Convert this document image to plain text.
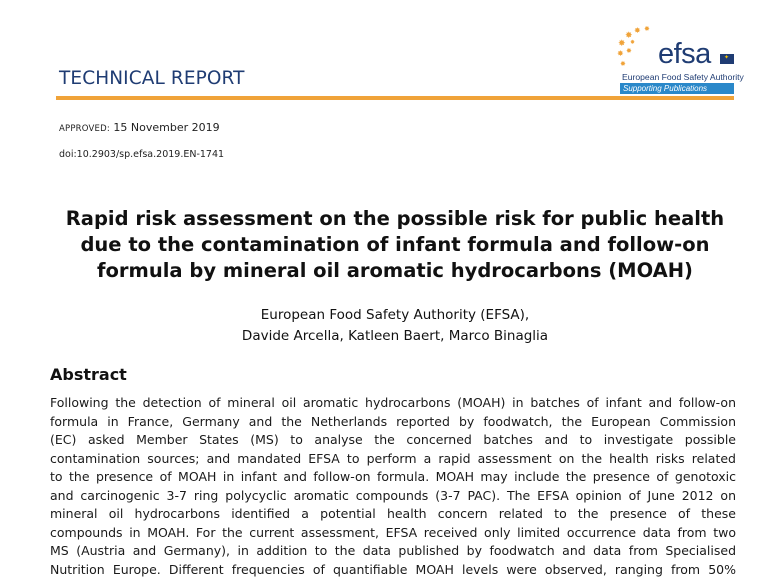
✸
✸
✸ ✸
✸ ✸
✸
✸ efsa ✦
European Food Safety Authority
Supporting Publications
TECHNICAL REPORT
APPROVED: 15 November 2019
doi:10.2903/sp.efsa.2019.EN-1741
Rapid risk assessment on the possible risk for public health
due to the contamination of infant formula and follow-on
formula by mineral oil aromatic hydrocarbons (MOAH)
European Food Safety Authority (EFSA),
Davide Arcella, Katleen Baert, Marco Binaglia
Abstract
Following the detection of mineral oil aromatic hydrocarbons (MOAH) in batches of infant and follow-on
formula in France, Germany and the Netherlands reported by foodwatch, the European Commission
(EC) asked Member States (MS) to analyse the concerned batches and to investigate possible
contamination sources; and mandated EFSA to perform a rapid assessment on the health risks related
to the presence of MOAH in infant and follow-on formula. MOAH may include the presence of genotoxic
and carcinogenic 3-7 ring polycyclic aromatic compounds (3-7 PAC). The EFSA opinion of June 2012 on
mineral oil hydrocarbons identified a potential health concern related to the presence of these
compounds in MOAH. For the current assessment, EFSA received only limited occurrence data from two
MS (Austria and Germany), in addition to the data published by foodwatch and data from Specialised
Nutrition Europe. Different frequencies of quantifiable MOAH levels were observed, ranging from 50%
